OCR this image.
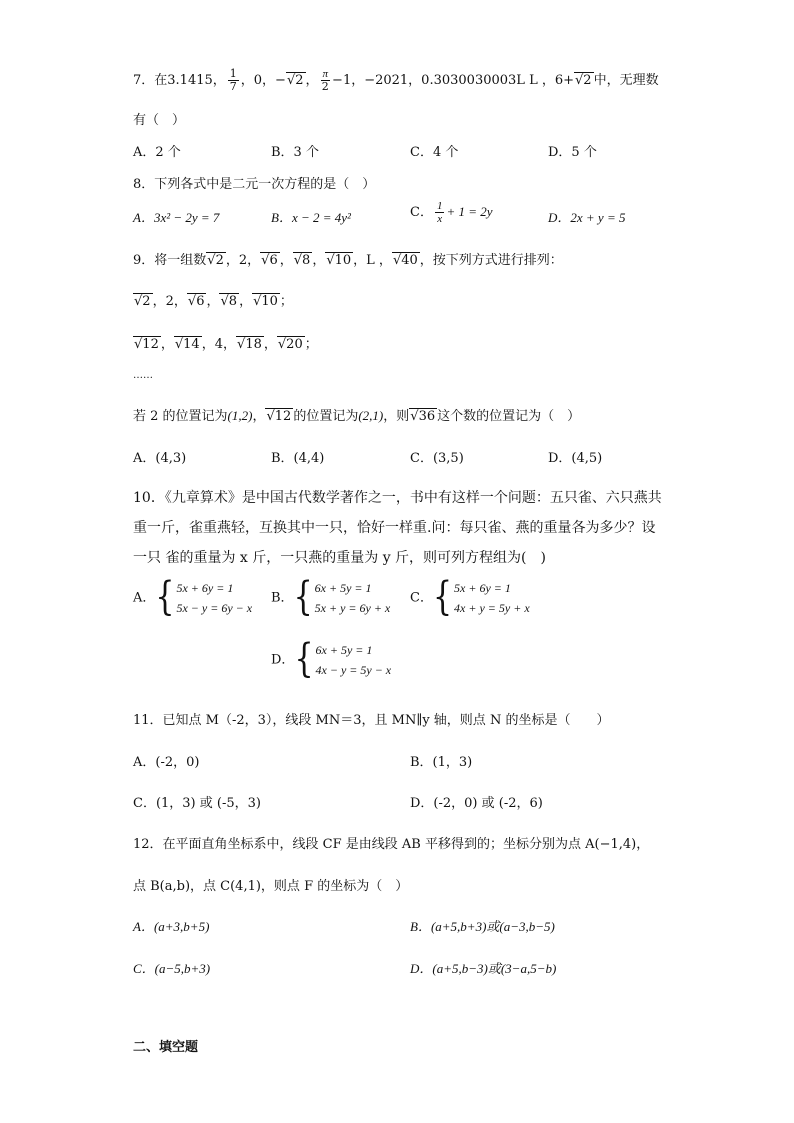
7．在3.1415， $\frac{1}{7}$ ，0，−√2 ， $\frac{\pi}{2} -1$，−2021，0.3030030003L L ，6+√2 中，无理数
有（　）
A．2 个	B．3 个	C．4 个	D．5 个
8．下列各式中是二元一次方程的是（　）
A．3x² − 2y = 7	B．x − 2 = 4y²	C． $\frac{1}{x} + 1 = 2y$	D．2x + y = 5
9．将一组数√2 ，2，√6 ，√8 ，√10 ，L ，√40 ，按下列方式进行排列：
√2 ，2，√6 ，√8 ，√10 ；
√12 ，√14 ，4，√18 ，√20 ；
……
若 2 的位置记为(1,2)，√12 的位置记为(2,1)，则√36 这个数的位置记为（　）
A．(4,3)	B．(4,4)	C．(3,5)	D．(4,5)
10．《九章算术》是中国古代数学著作之一，书中有这样一个问题：五只雀、六只燕共
重一斤，雀重燕轻，互换其中一只，恰好一样重.问：每只雀、燕的重量各为多少？设
一只 雀的重量为 x 斤，一只燕的重量为 y 斤，则可列方程组为(　)
A．{ 5x + 6y = 1
5x − y = 6y − x
B．{ 6x + 5y = 1
5x + y = 6y + x
C．{ 5x + 6y = 1
4x + y = 5y + x
D．{ 6x + 5y = 1
4x − y = 5y − x
11．已知点 M（-2，3），线段 MN＝3，且 MN∥y 轴，则点 N 的坐标是（　　）
A．(-2，0)	B．(1，3)
C．(1，3) 或 (-5，3)	D．(-2，0) 或 (-2，6)
12．在平面直角坐标系中，线段 CF 是由线段 AB 平移得到的；坐标分别为点 A(−1,4)，
点 B(a,b)，点 C(4,1)，则点 F 的坐标为（　）
A．(a+3,b+5)	B．(a+5,b+3)或(a−3,b−5)
C．(a−5,b+3)	D．(a+5,b−3)或(3−a,5−b)
二、填空题
